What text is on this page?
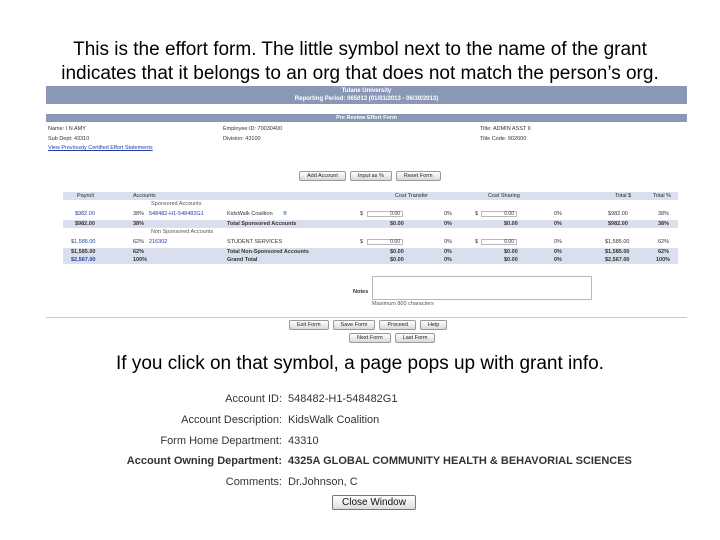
This is the effort form. The little symbol next to the name of the grant
indicates that it belongs to an org that does not match the person’s org.
Tulane University
Reporting Period: 065013 (01/01/2013 - 06/30/2013)
Pre Review Effort Form
Name: I N AMY	Employee ID: 70030400	Title: ADMIN ASST II
Sub Dept: 43310	Division: 43100	Title Code: 902600
View Previously Certified Effort Statements
Add Account	Input as %	Reset Form
Payroll	Accounts	Cost Transfer	Cost Sharing	Total $	Total %
Sponsored Accounts
$982.00	38% 548482-H1-548482G1	KidsWalk Coalition ®	$	0.00	0%	$	0.00	0%	$982.00	38%
$982.00	38%	Total Sponsored Accounts	$0.00	0%	$0.00	0%	$982.00	38%
Non Sponsored Accounts
$1,585.00	62% 216302	STUDENT SERVICES	$	0.00	0%	$	0.00	0%	$1,585.00	62%
$1,585.00	62%	Total Non-Sponsored Accounts	$0.00	0%	$0.00	0%	$1,585.00	62%
$2,567.00	100%	Grand Total	$0.00	0%	$0.00	0%	$2,567.00	100%
Notes
Maximum 800 characters
Exit Form	Save Form	Proceed	Help
Next Form	Last Form
If you click on that symbol, a page pops up with grant info.
Account ID: 548482-H1-548482G1
Account Description: KidsWalk Coalition
Form Home Department: 43310
Account Owning Department: 4325A GLOBAL COMMUNITY HEALTH & BEHAVORIAL SCIENCES
Comments: Dr.Johnson, C
Close Window
